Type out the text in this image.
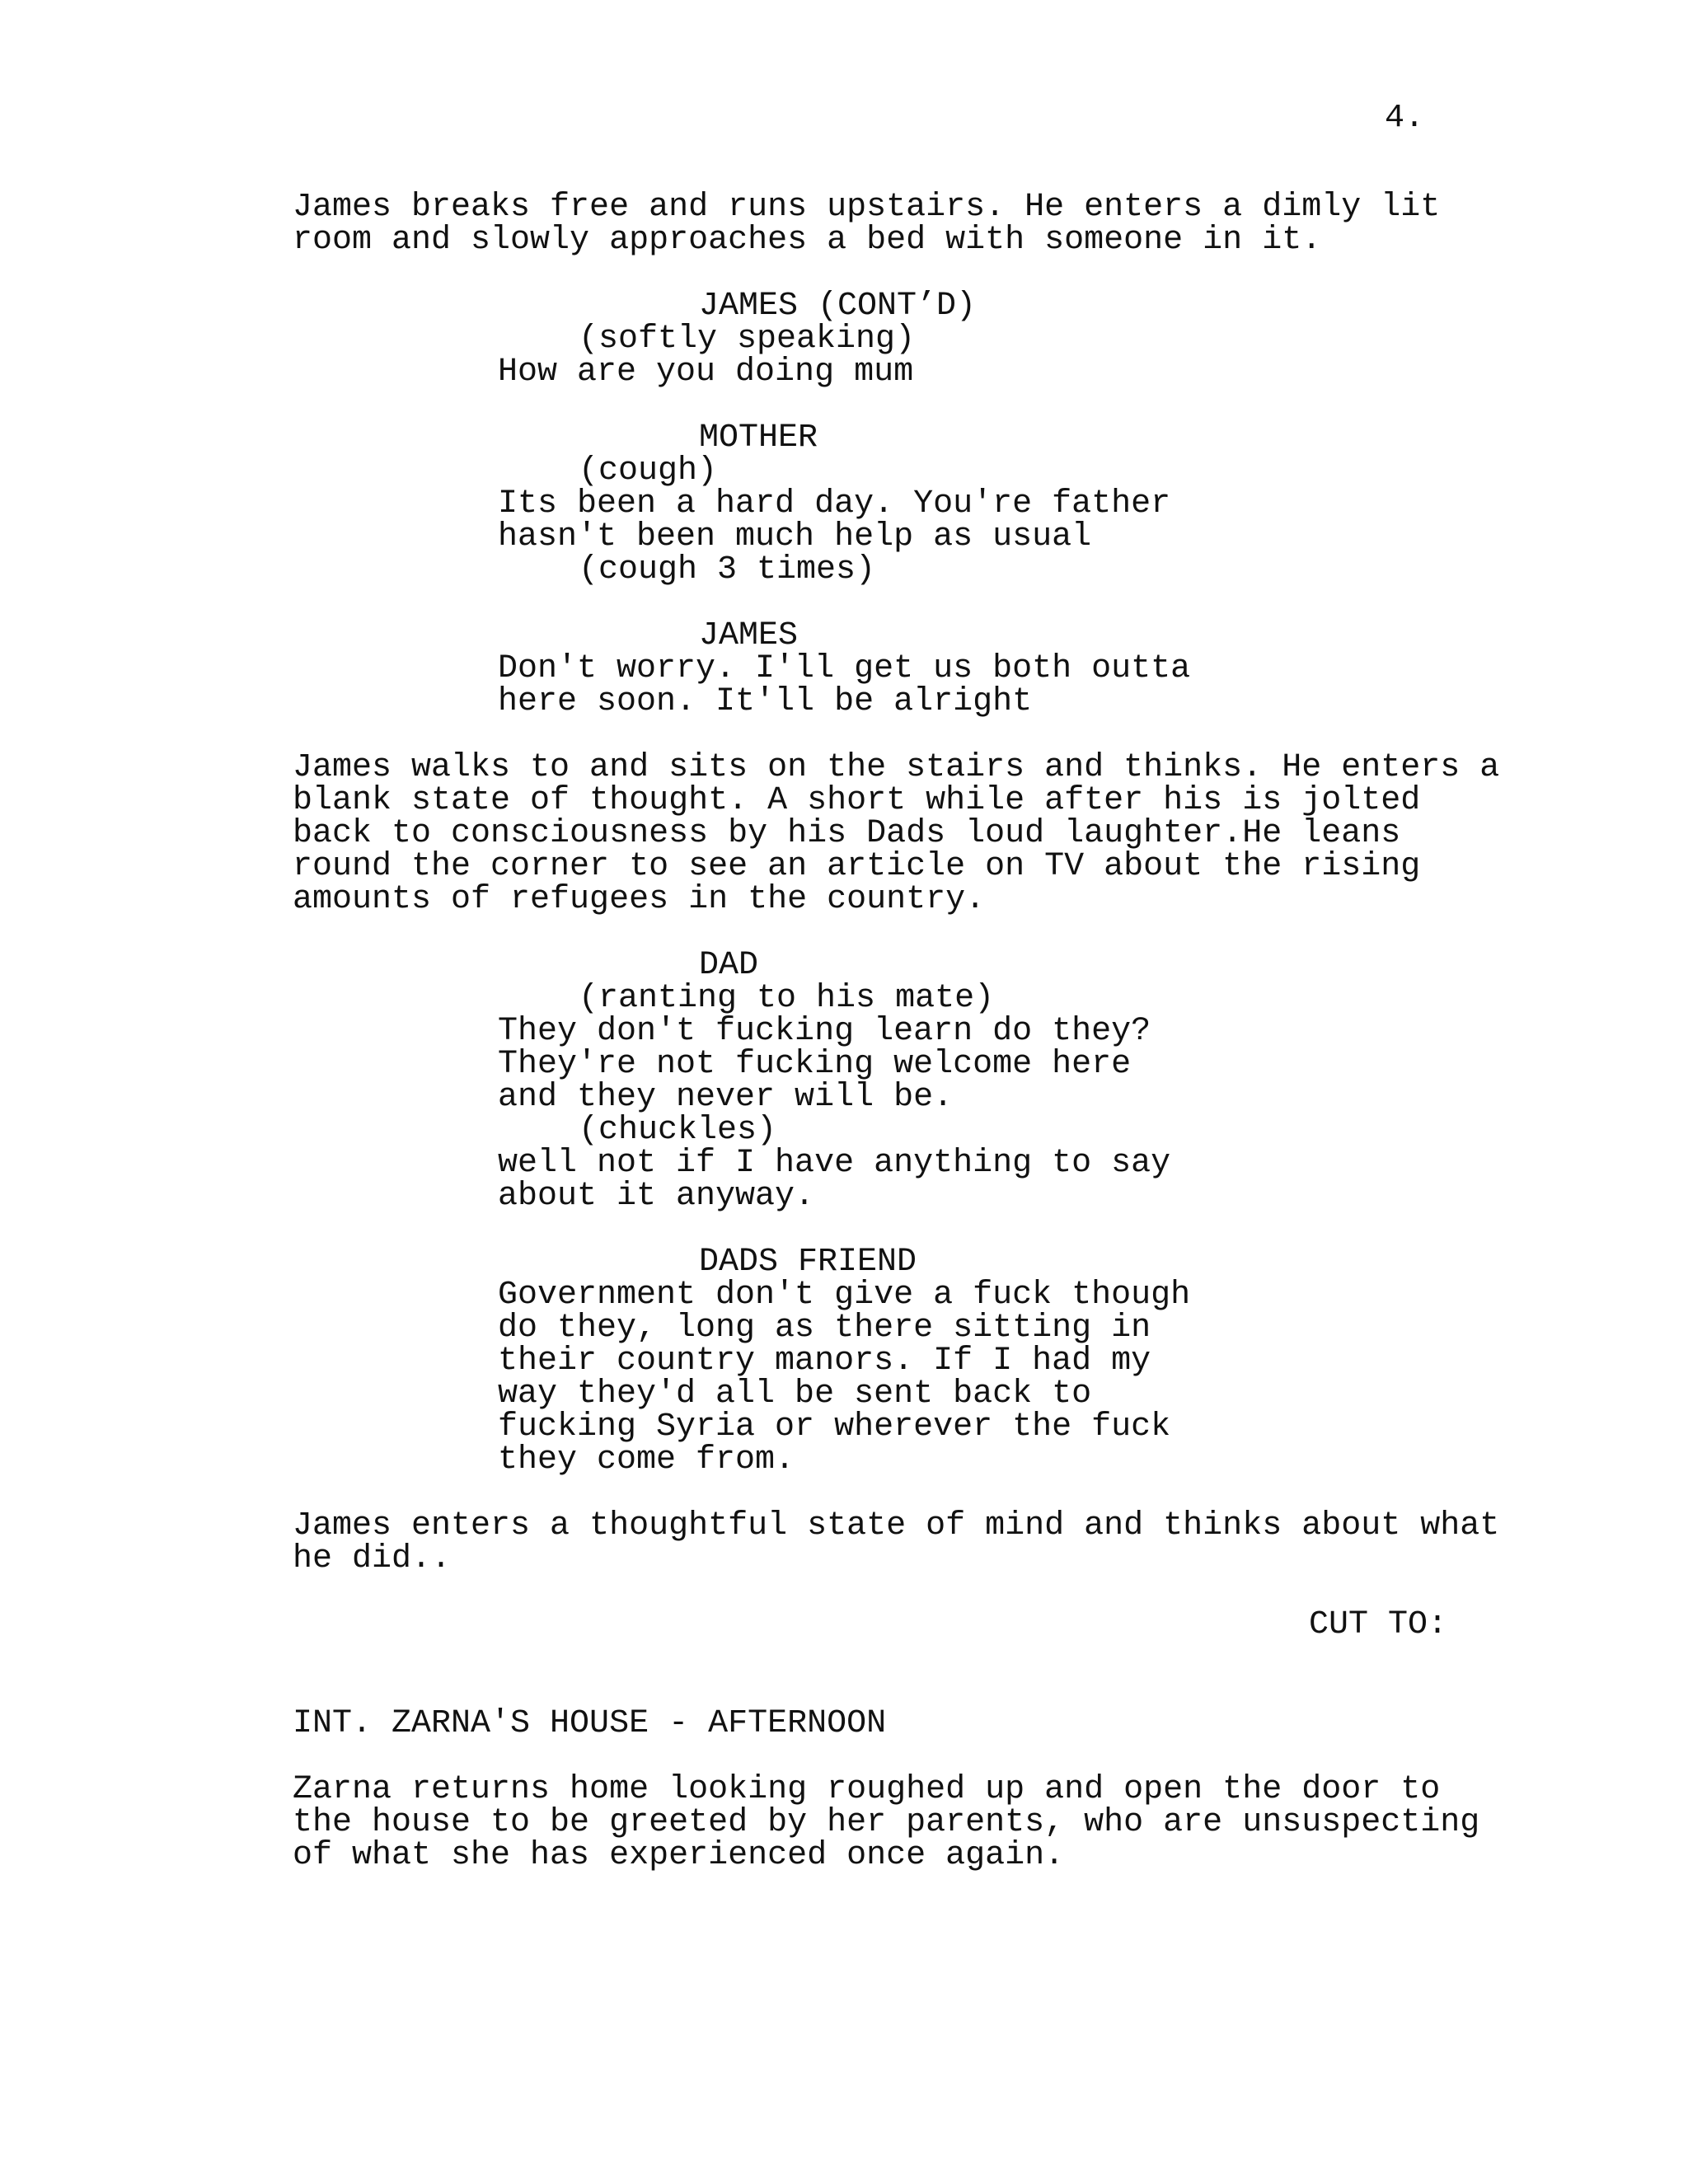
4.
James breaks free and runs upstairs. He enters a dimly lit
room and slowly approaches a bed with someone in it.
JAMES (CONT’D)
(softly speaking)
How are you doing mum
MOTHER
(cough)
Its been a hard day. You're father
hasn't been much help as usual
(cough 3 times)
JAMES
Don't worry. I'll get us both outta
here soon. It'll be alright
James walks to and sits on the stairs and thinks. He enters a
blank state of thought. A short while after his is jolted
back to consciousness by his Dads loud laughter.He leans
round the corner to see an article on TV about the rising
amounts of refugees in the country.
DAD
(ranting to his mate)
They don't fucking learn do they?
They're not fucking welcome here
and they never will be.
(chuckles)
well not if I have anything to say
about it anyway.
DADS FRIEND
Government don't give a fuck though
do they, long as there sitting in
their country manors. If I had my
way they'd all be sent back to
fucking Syria or wherever the fuck
they come from.
James enters a thoughtful state of mind and thinks about what
he did..
CUT TO:
INT. ZARNA'S HOUSE - AFTERNOON
Zarna returns home looking roughed up and open the door to
the house to be greeted by her parents, who are unsuspecting
of what she has experienced once again.
